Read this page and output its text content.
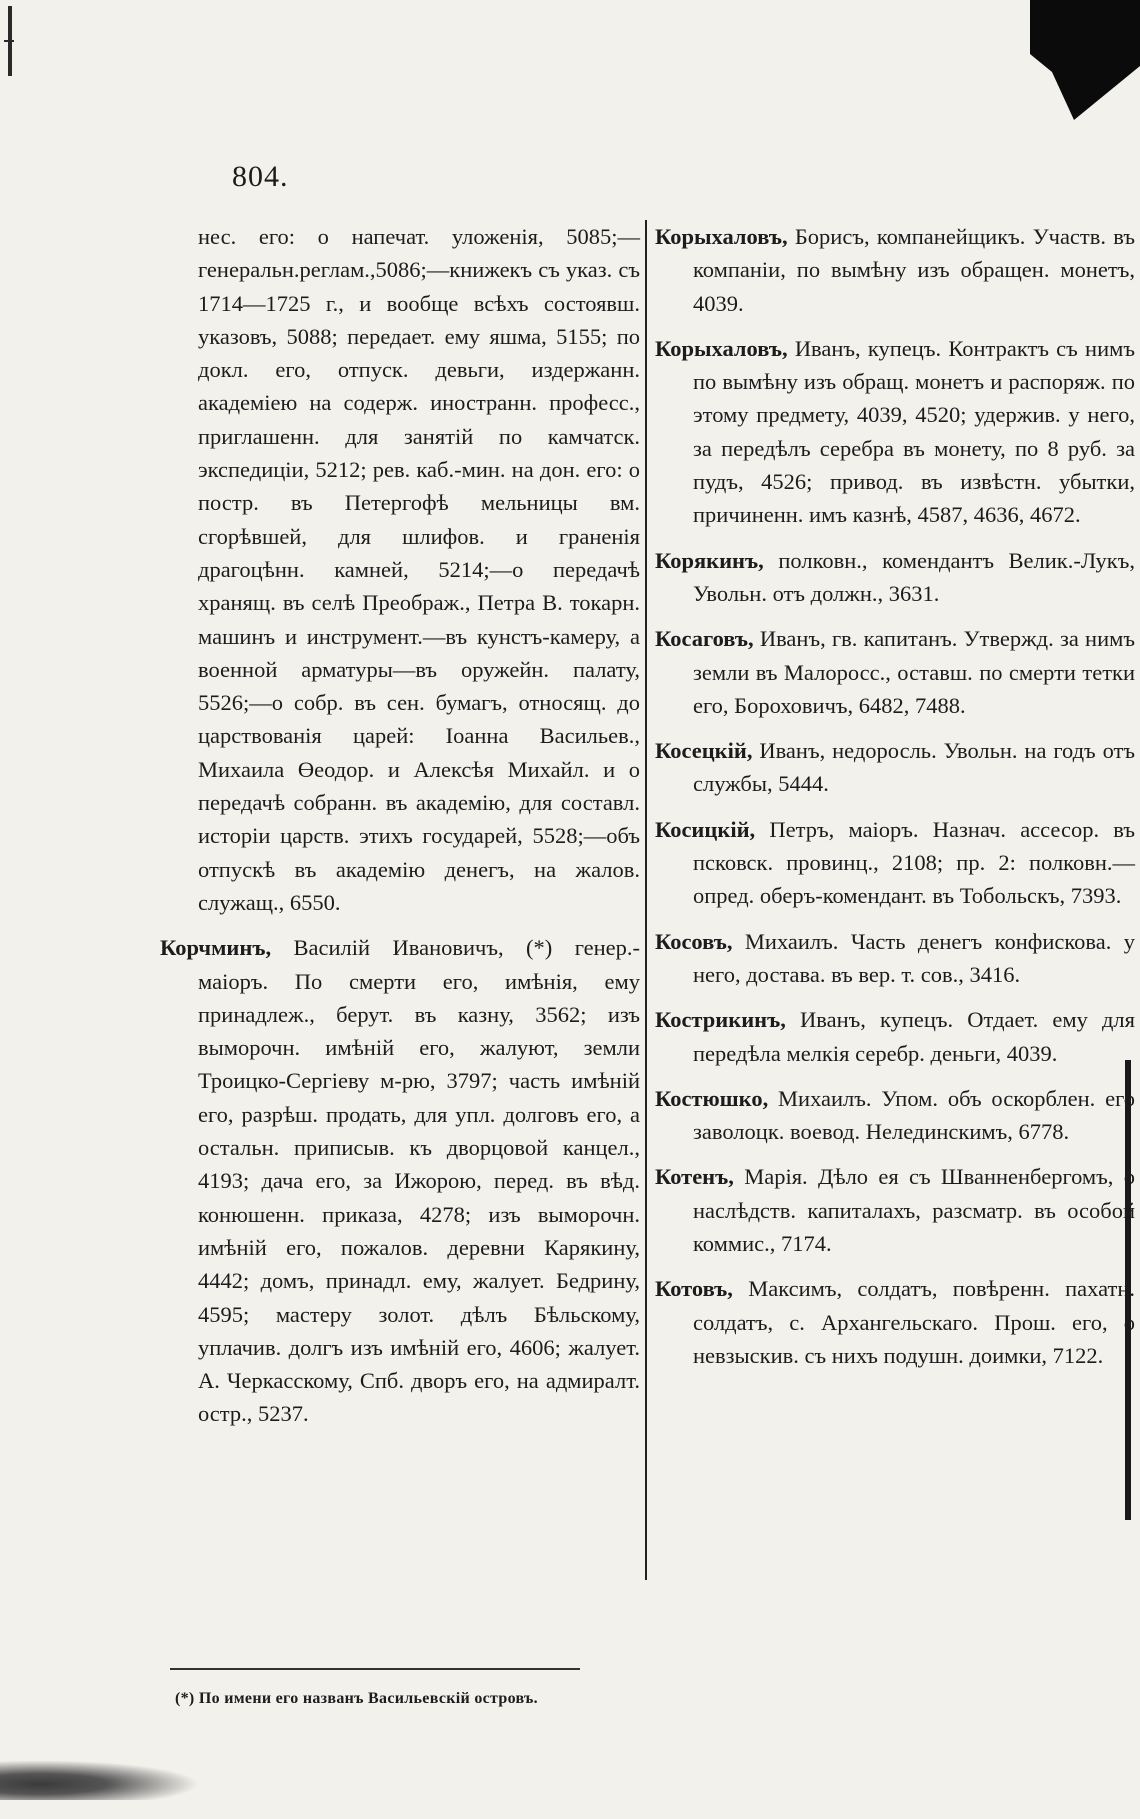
804.

нес. его: о напечат. уложенія, 5085;—генеральн.реглам.,5086;—книжекъ съ указ. съ 1714—1725 г., и вообще всѣхъ состоявш. указовъ, 5088; передает. ему яшма, 5155; по докл. его, отпуск. девьги, издержанн. академіею на содерж. иностранн. професс., приглашенн. для занятій по камчатск. экспедиціи, 5212; рев. каб.-мин. на дон. его: о постр. въ Петергофѣ мельницы вм. сгорѣвшей, для шлифов. и граненія драгоцѣнн. камней, 5214;—о передачѣ хранящ. въ селѣ Преображ., Петра В. токарн. машинъ и инструмент.—въ кунстъ-камеру, а военной арматуры—въ оружейн. палату, 5526;—о собр. въ сен. бумагъ, относящ. до царствованія царей: Іоанна Васильев., Михаила Өеодор. и Алексѣя Михайл. и о передачѣ собранн. въ академію, для составл. исторіи царств. этихъ государей, 5528;—объ отпускѣ въ академію денегъ, на жалов. служащ., 6550.

Корчминъ, Василій Ивановичъ, (*) генер.-маіоръ. По смерти его, имѣнія, ему принадлеж., берут. въ казну, 3562; изъ выморочн. имѣній его, жалуют, земли Троицко-Сергіеву м-рю, 3797; часть имѣній его, разрѣш. продать, для упл. долговъ его, а остальн. приписыв. къ дворцовой канцел., 4193; дача его, за Ижорою, перед. въ вѣд. конюшенн. приказа, 4278; изъ выморочн. имѣній его, пожалов. деревни Карякину, 4442; домъ, принадл. ему, жалует. Бедрину, 4595; мастеру золот. дѣлъ Бѣльскому, уплачив. долгъ изъ имѣній его, 4606; жалует. А. Черкасскому, Спб. дворъ его, на адмиралт. остр., 5237.

Корыхаловъ, Борисъ, компанейщикъ. Участв. въ компаніи, по вымѣну изъ обращен. монетъ, 4039.

Корыхаловъ, Иванъ, купецъ. Контрактъ съ нимъ по вымѣну изъ обращ. монетъ и распоряж. по этому предмету, 4039, 4520; удержив. у него, за передѣлъ серебра въ монету, по 8 руб. за пудъ, 4526; привод. въ извѣстн. убытки, причиненн. имъ казнѣ, 4587, 4636, 4672.

Корякинъ, полковн., комендантъ Велик.-Лукъ, Увольн. отъ должн., 3631.

Косаговъ, Иванъ, гв. капитанъ. Утвержд. за нимъ земли въ Малоросс., оставш. по смерти тетки его, Бороховичъ, 6482, 7488.

Косецкій, Иванъ, недоросль. Увольн. на годъ отъ службы, 5444.

Косицкій, Петръ, маіоръ. Назнач. ассесор. въ псковск. провинц., 2108; пр. 2: полковн.—опред. оберъ-комендант. въ Тобольскъ, 7393.

Косовъ, Михаилъ. Часть денегъ конфискова. у него, достава. въ вер. т. сов., 3416.

Кострикинъ, Иванъ, купецъ. Отдает. ему для передѣла мелкія серебр. деньги, 4039.

Костюшко, Михаилъ. Упом. объ оскорблен. его заволоцк. воевод. Нелединскимъ, 6778.

Котенъ, Марія. Дѣло ея съ Шванненбергомъ, о наслѣдств. капиталахъ, разсматр. въ особой коммис., 7174.

Котовъ, Максимъ, солдатъ, повѣренн. пахатн. солдатъ, с. Архангельскаго. Прош. его, о невзыскив. съ нихъ подушн. доимки, 7122.

(*) По имени его названъ Васильевскій островъ.
